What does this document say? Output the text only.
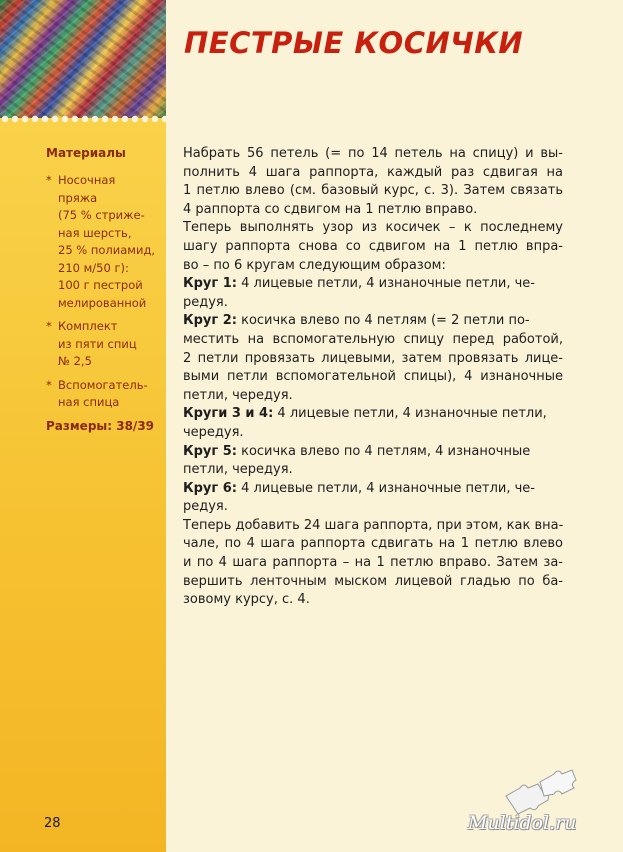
ПЕСТРЫЕ КОСИЧКИ
Материалы
* Носочная
пряжа
(75 % стриже-
ная шерсть,
25 % полиамид,
210 м/50 г):
100 г пестрой
мелированной
* Комплект
из пяти спиц
№ 2,5
* Вспомогатель-
ная спица
Размеры: 38/39
Набрать 56 петель (= по 14 петель на спицу) и вы-
полнить 4 шага раппорта, каждый раз сдвигая на
1 петлю влево (см. базовый курс, с. 3). Затем связать
4 раппорта со сдвигом на 1 петлю вправо.
Теперь выполнять узор из косичек – к последнему
шагу раппорта снова со сдвигом на 1 петлю впра-
во – по 6 кругам следующим образом:
Круг 1: 4 лицевые петли, 4 изнаночные петли, че-
редуя.
Круг 2: косичка влево по 4 петлям (= 2 петли по-
местить на вспомогательную спицу перед работой,
2 петли провязать лицевыми, затем провязать лице-
выми петли вспомогательной спицы), 4 изнаночные
петли, чередуя.
Круги 3 и 4: 4 лицевые петли, 4 изнаночные петли,
чередуя.
Круг 5: косичка влево по 4 петлям, 4 изнаночные
петли, чередуя.
Круг 6: 4 лицевые петли, 4 изнаночные петли, че-
редуя.
Теперь добавить 24 шага раппорта, при этом, как вна-
чале, по 4 шага раппорта сдвигать на 1 петлю влево
и по 4 шага раппорта – на 1 петлю вправо. Затем за-
вершить ленточным мыском лицевой гладью по ба-
зовому курсу, с. 4.
28	Multidol.ru
